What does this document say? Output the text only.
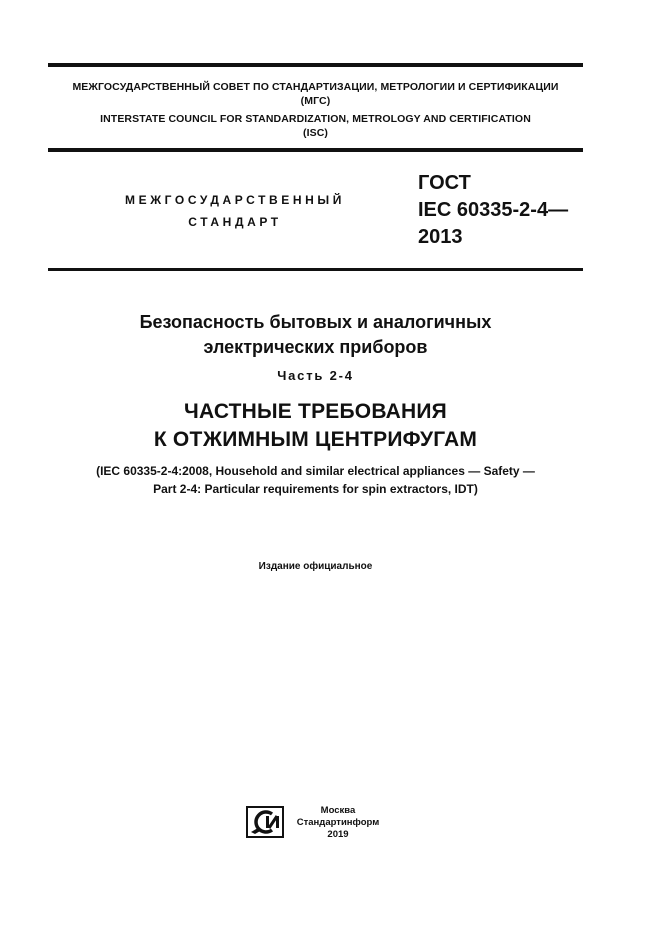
МЕЖГОСУДАРСТВЕННЫЙ СОВЕТ ПО СТАНДАРТИЗАЦИИ, МЕТРОЛОГИИ И СЕРТИФИКАЦИИ
(МГС)
INTERSTATE COUNCIL FOR STANDARDIZATION, METROLOGY AND CERTIFICATION
(ISC)
МЕЖГОСУДАРСТВЕННЫЙ
СТАНДАРТ
ГОСТ
IEC 60335-2-4—
2013
Безопасность бытовых и аналогичных
электрических приборов
Часть 2-4
ЧАСТНЫЕ ТРЕБОВАНИЯ
К ОТЖИМНЫМ ЦЕНТРИФУГАМ
(IEC 60335-2-4:2008, Household and similar electrical appliances — Safety —
Part 2-4: Particular requirements for spin extractors, IDT)
Издание официальное
Москва
Стандартинформ
2019
